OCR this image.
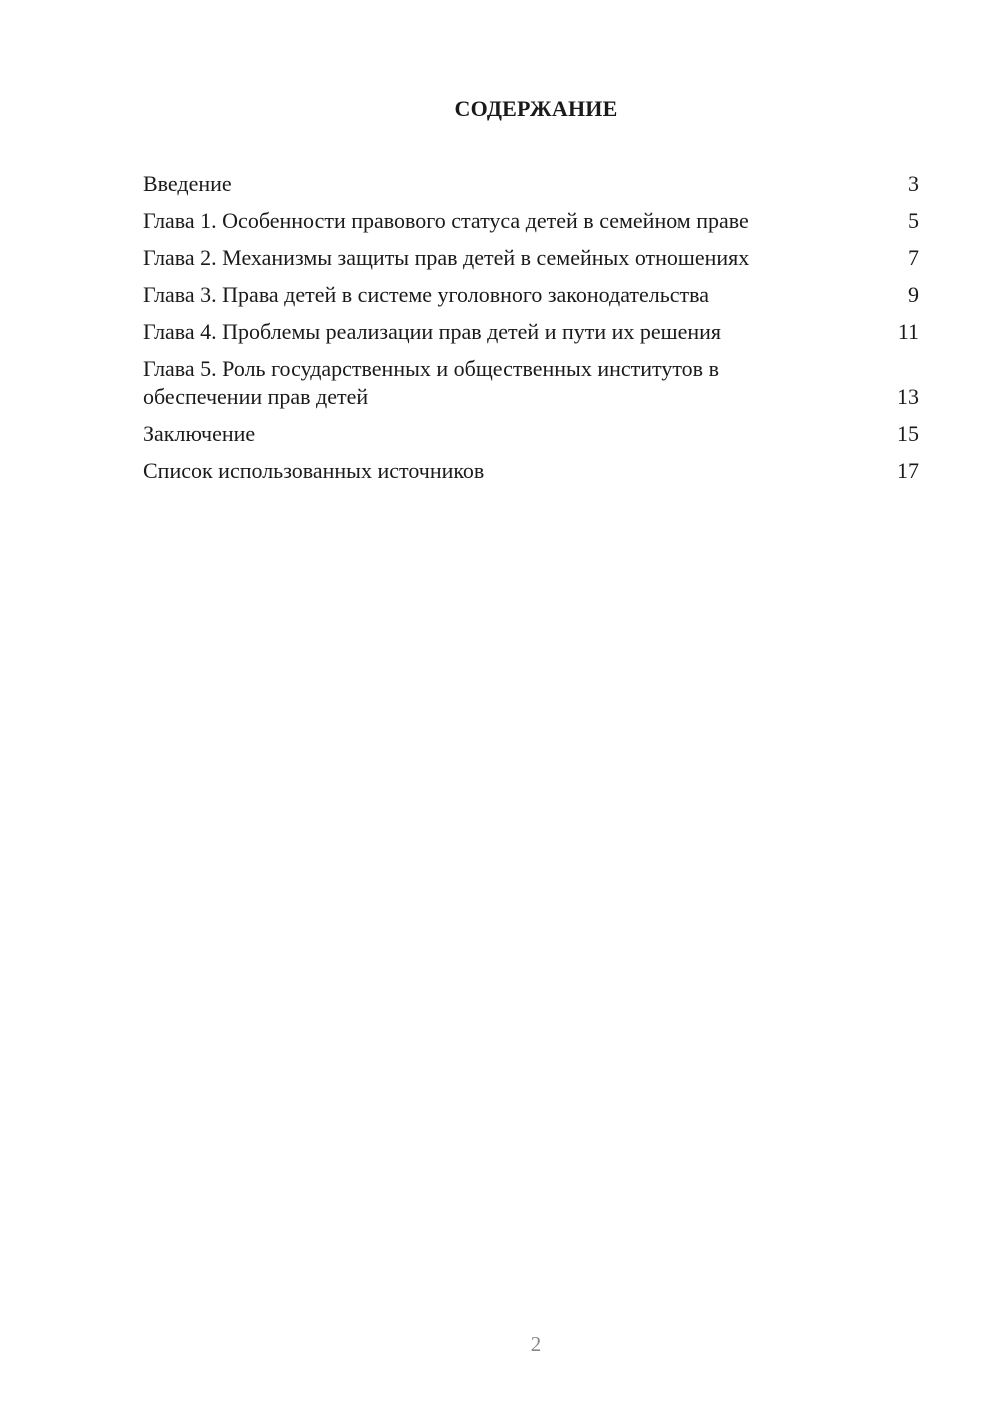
СОДЕРЖАНИЕ
Введение	3
Глава 1. Особенности правового статуса детей в семейном праве	5
Глава 2. Механизмы защиты прав детей в семейных отношениях	7
Глава 3. Права детей в системе уголовного законодательства	9
Глава 4. Проблемы реализации прав детей и пути их решения	11
Глава 5. Роль государственных и общественных институтов в обеспечении прав детей	13
Заключение	15
Список использованных источников	17
2
